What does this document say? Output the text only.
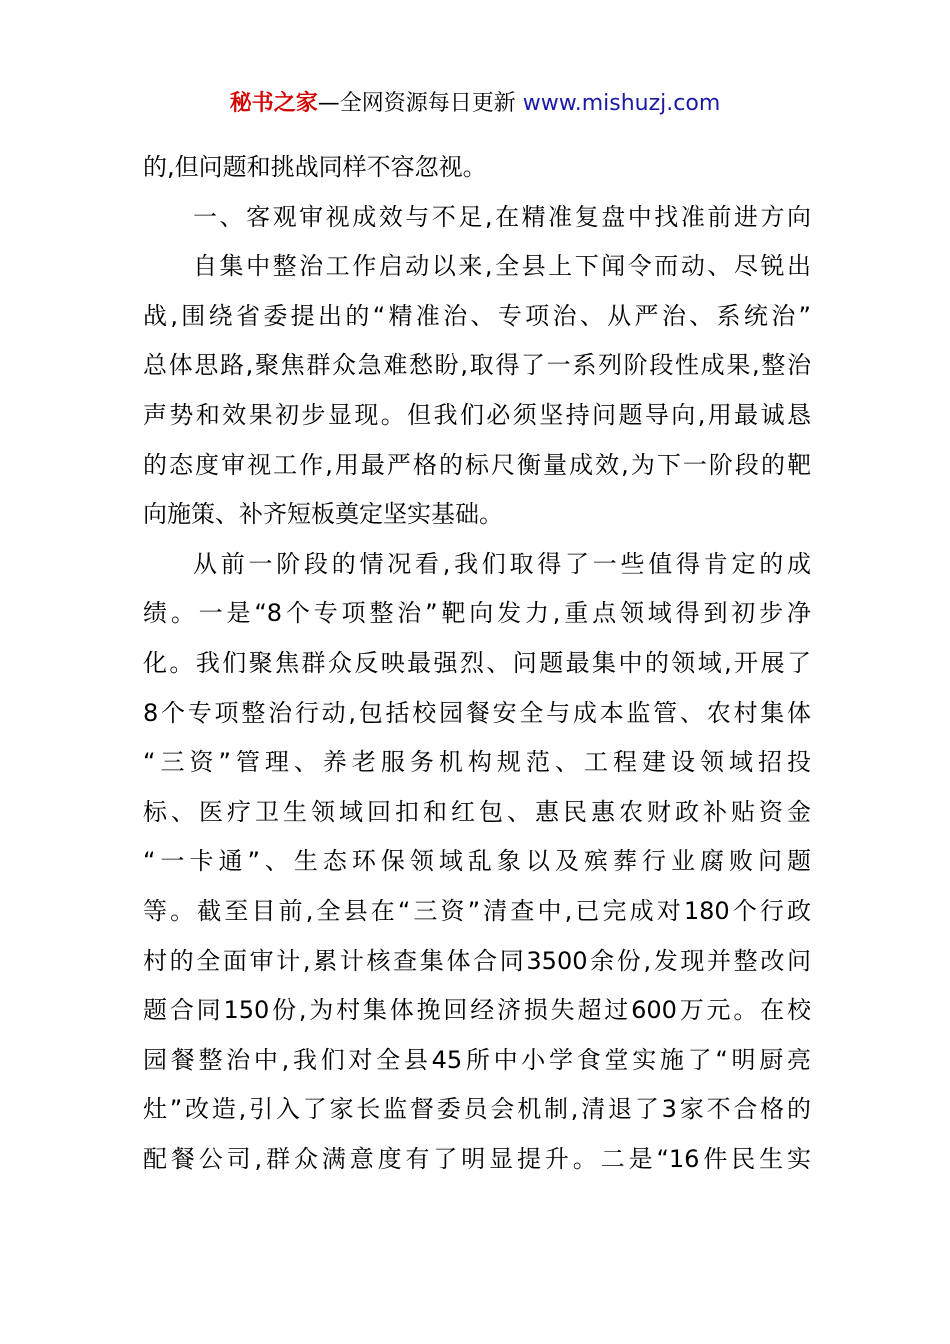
秘书之家—全网资源每日更新 www.mishuzj.com
的,但问题和挑战同样不容忽视。
一、客观审视成效与不足,在精准复盘中找准前进方向
自集中整治工作启动以来,全县上下闻令而动、尽锐出
战,围绕省委提出的“精准治、专项治、从严治、系统治”
总体思路,聚焦群众急难愁盼,取得了一系列阶段性成果,整治
声势和效果初步显现。但我们必须坚持问题导向,用最诚恳
的态度审视工作,用最严格的标尺衡量成效,为下一阶段的靶
向施策、补齐短板奠定坚实基础。
从前一阶段的情况看,我们取得了一些值得肯定的成
绩。一是“8个专项整治”靶向发力,重点领域得到初步净
化。我们聚焦群众反映最强烈、问题最集中的领域,开展了
8个专项整治行动,包括校园餐安全与成本监管、农村集体
“三资”管理、养老服务机构规范、工程建设领域招投
标、医疗卫生领域回扣和红包、惠民惠农财政补贴资金
“一卡通”、生态环保领域乱象以及殡葬行业腐败问题
等。截至目前,全县在“三资”清查中,已完成对180个行政
村的全面审计,累计核查集体合同3500余份,发现并整改问
题合同150份,为村集体挽回经济损失超过600万元。在校
园餐整治中,我们对全县45所中小学食堂实施了“明厨亮
灶”改造,引入了家长监督委员会机制,清退了3家不合格的
配餐公司,群众满意度有了明显提升。二是“16件民生实
